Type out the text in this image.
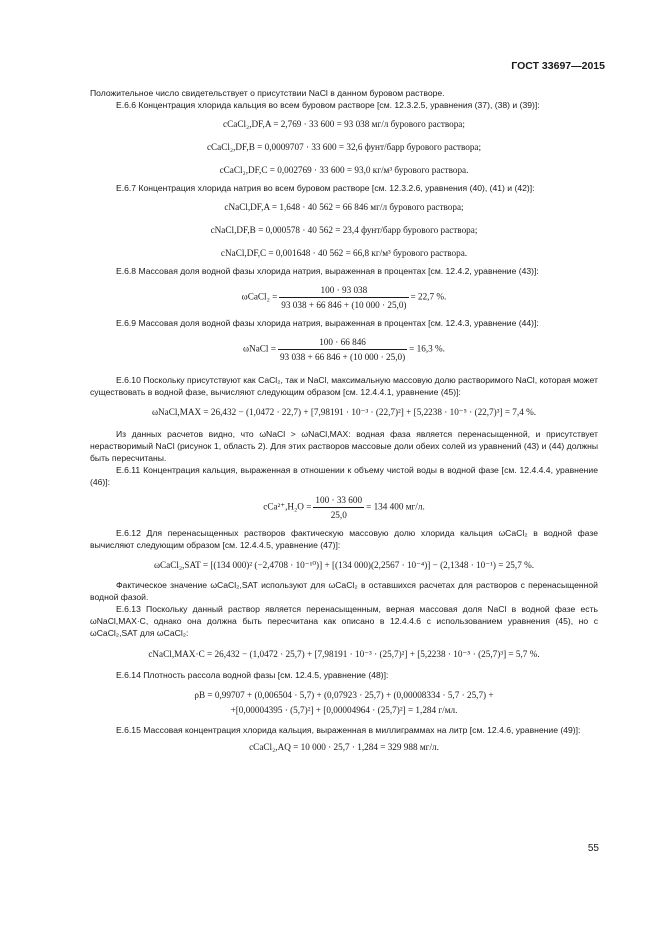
ГОСТ 33697—2015

Положительное число свидетельствует о присутствии NaCl в данном буровом растворе.

Е.6.6 Концентрация хлорида кальция во всем буровом растворе [см. 12.3.2.5, уравнения (37), (38) и (39)]:

cCaCl₂,DF,A = 2,769 · 33 600 = 93 038 мг/л бурового раствора;

cCaCl₂,DF,B = 0,0009707 · 33 600 = 32,6 фунт/барр бурового раствора;

cCaCl₂,DF,C = 0,002769 · 33 600 = 93,0 кг/м³ бурового раствора.

Е.6.7 Концентрация хлорида натрия во всем буровом растворе [см. 12.3.2.6, уравнения (40), (41) и (42)]:

cNaCl,DF,A = 1,648 · 40 562 = 66 846 мг/л бурового раствора;

cNaCl,DF,B = 0,000578 · 40 562 = 23,4 фунт/барр бурового раствора;

cNaCl,DF,C = 0,001648 · 40 562 = 66,8 кг/м³ бурового раствора.

Е.6.8 Массовая доля водной фазы хлорида натрия, выраженная в процентах [см. 12.4.2, уравнение (43)]:

ωCaCl₂ = $\frac{100 \cdot 93 038}{93 038 + 66 846 + (10 000 \cdot 25,0)} = 22,7$ %.

Е.6.9 Массовая доля водной фазы хлорида натрия, выраженная в процентах [см. 12.4.3, уравнение (44)]:

ωNaCl = $\frac{100 \cdot 66 846}{93 038 + 66 846 + (10 000 \cdot 25,0)} = 16,3$ %.

Е.6.10 Поскольку присутствуют как CaCl₂, так и NaCl, максимальную массовую долю растворимого NaCl, которая может существовать в водной фазе, вычисляют следующим образом [см. 12.4.4.1, уравнение (45)]:

ωNaCl,MAX = 26,432 − (1,0472 · 22,7) + [7,98191 · 10⁻³ · (22,7)²] + [5,2238 · 10⁻⁵ · (22,7)³] = 7,4 %.

Из данных расчетов видно, что ωNaCl > ωNaCl,MAX: водная фаза является перенасыщенной, и присутствует нерастворимый NaCl (рисунок 1, область 2). Для этих растворов массовые доли обеих солей из уравнений (43) и (44) должны быть пересчитаны.

Е.6.11 Концентрация кальция, выраженная в отношении к объему чистой воды в водной фазе [см. 12.4.4.4, уравнение (46)]:

$cCa^{2+},H_2O = \frac{100 \cdot 33 600}{25,0} = 134$ 400 мг/л.

Е.6.12 Для перенасыщенных растворов фактическую массовую долю хлорида кальция ωCaCl₂ в водной фазе вычисляют следующим образом [см. 12.4.4.5, уравнение (47)]:

ωCaCl₂,SAT = [(134 000)² (−2,4708 · 10⁻¹⁰)] + [(134 000)(2,2567 · 10⁻⁴)] − (2,1348 · 10⁻¹) = 25,7 %.

Фактическое значение ωCaCl₂,SAT используют для ωCaCl₂ в оставшихся расчетах для растворов с перенасыщенной водной фазой.

Е.6.13 Поскольку данный раствор является перенасыщенным, верная массовая доля NaCl в водной фазе есть ωNaCl,MAX·C, однако она должна быть пересчитана как описано в 12.4.4.6 с использованием уравнения (45), но с ωCaCl₂,SAT для ωCaCl₂:

cNaCl,MAX·C = 26,432 − (1,0472 · 25,7) + [7,98191 · 10⁻³ · (25,7)²] + [5,2238 · 10⁻⁵ · (25,7)³] = 5,7 %.

Е.6.14 Плотность рассола водной фазы [см. 12.4.5, уравнение (48)]:

ρB = 0,99707 + (0,006504 · 5,7) + (0,07923 · 25,7) + (0,00008334 · 5,7 · 25,7) +

+[0,00004395 · (5,7)²] + [0,00004964 · (25,7)²] = 1,284 г/мл.

Е.6.15 Массовая концентрация хлорида кальция, выраженная в миллиграммах на литр [см. 12.4.6, уравнение (49)]:

cCaCl₂,AQ = 10 000 · 25,7 · 1,284 = 329 988 мг/л.

55
